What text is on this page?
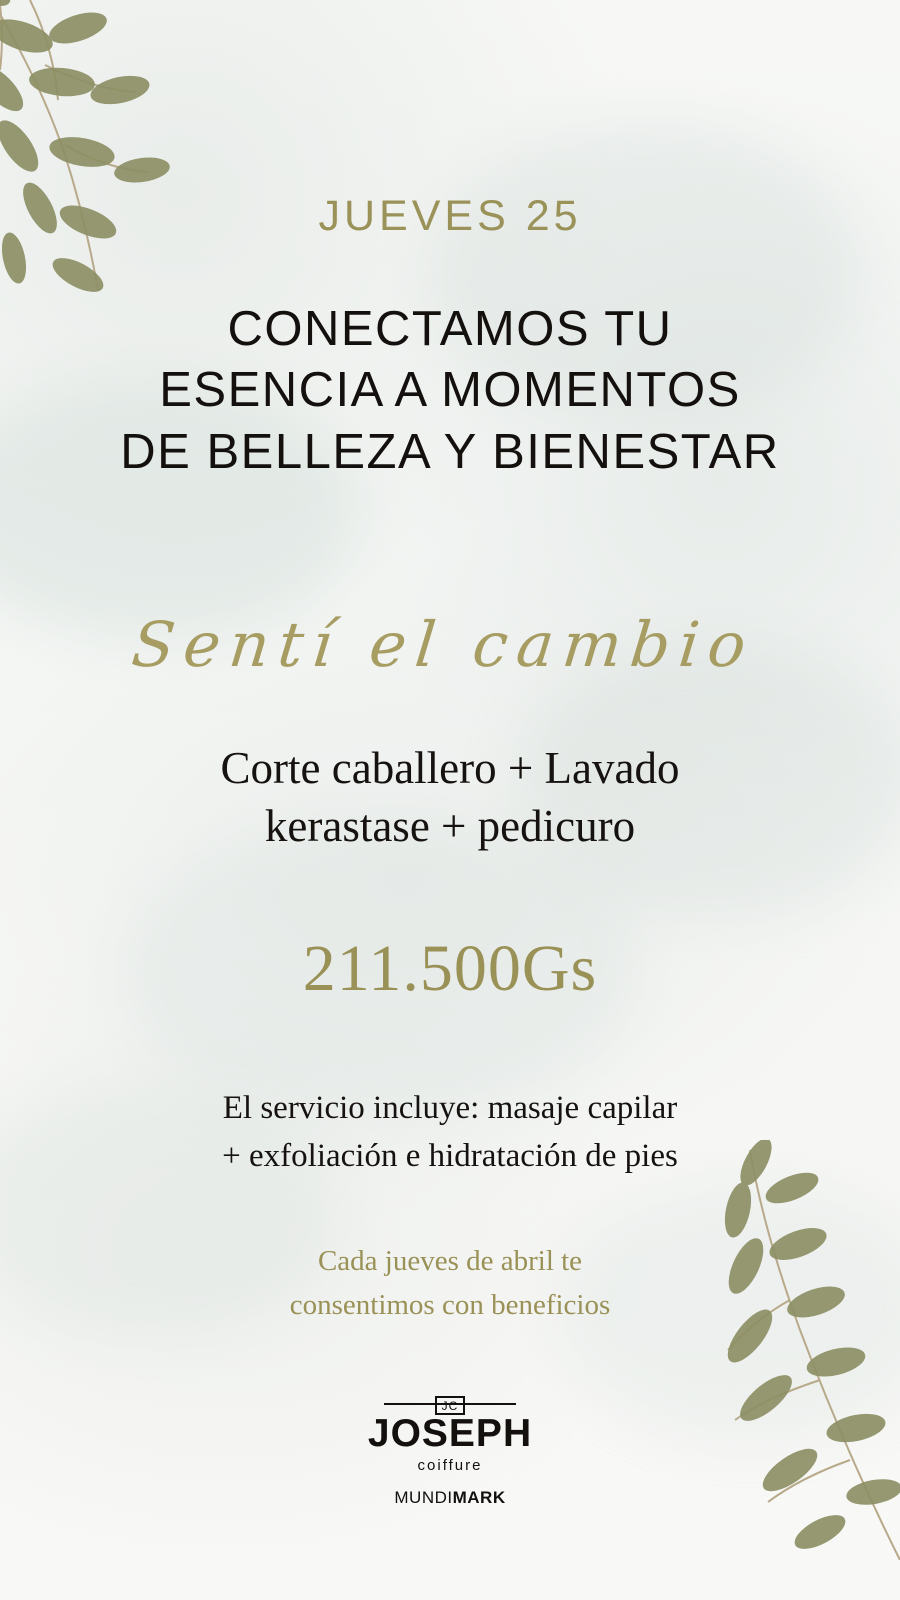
JUEVES 25

CONECTAMOS TU
ESENCIA A MOMENTOS
DE BELLEZA Y BIENESTAR

Sentí el cambio

Corte caballero + Lavado
kerastase + pedicuro

211.500Gs

El servicio incluye: masaje capilar
+ exfoliación e hidratación de pies

Cada jueves de abril te
consentimos con beneficios

JC
JOSEPH
coiffure
MUNDIMARK
